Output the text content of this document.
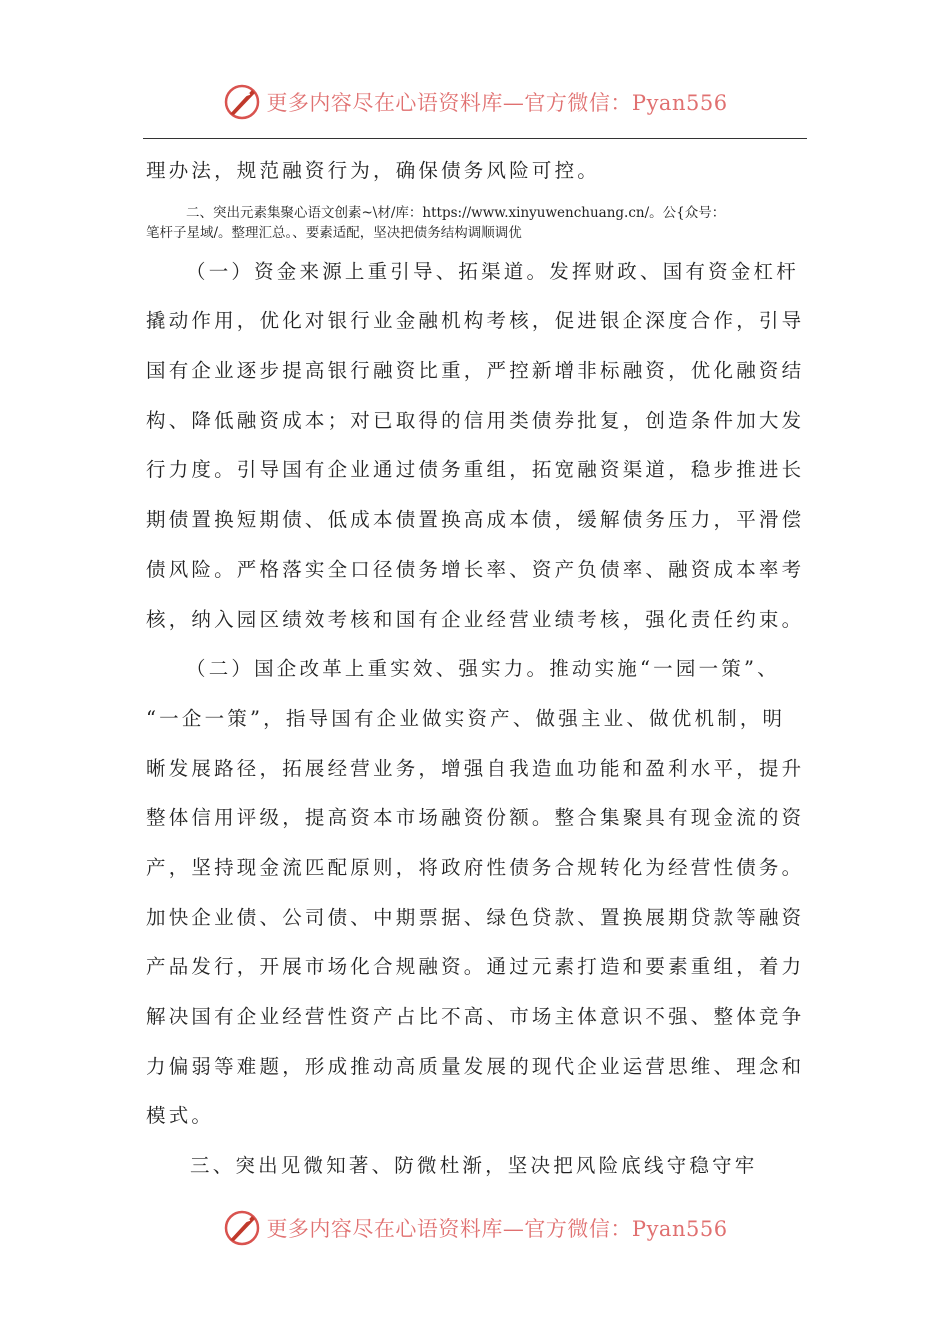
更多内容尽在心语资料库—官方微信：Pyan556
理办法，规范融资行为，确保债务风险可控。
二、突出元素集聚心语文创素~\材/库：https://www.xinyuwenchuang.cn/。公{众号：
笔杆子星域/。整理汇总。、要素适配，坚决把债务结构调顺调优
（一）资金来源上重引导、拓渠道。发挥财政、国有资金杠杆
撬动作用，优化对银行业金融机构考核，促进银企深度合作，引导
国有企业逐步提高银行融资比重，严控新增非标融资，优化融资结
构、降低融资成本；对已取得的信用类债券批复，创造条件加大发
行力度。引导国有企业通过债务重组，拓宽融资渠道，稳步推进长
期债置换短期债、低成本债置换高成本债，缓解债务压力，平滑偿
债风险。严格落实全口径债务增长率、资产负债率、融资成本率考
核，纳入园区绩效考核和国有企业经营业绩考核，强化责任约束。
（二）国企改革上重实效、强实力。推动实施“一园一策”、
“一企一策”，指导国有企业做实资产、做强主业、做优机制，明
晰发展路径，拓展经营业务，增强自我造血功能和盈利水平，提升
整体信用评级，提高资本市场融资份额。整合集聚具有现金流的资
产，坚持现金流匹配原则，将政府性债务合规转化为经营性债务。
加快企业债、公司债、中期票据、绿色贷款、置换展期贷款等融资
产品发行，开展市场化合规融资。通过元素打造和要素重组，着力
解决国有企业经营性资产占比不高、市场主体意识不强、整体竞争
力偏弱等难题，形成推动高质量发展的现代企业运营思维、理念和
模式。
三、突出见微知著、防微杜渐，坚决把风险底线守稳守牢
更多内容尽在心语资料库—官方微信：Pyan556
